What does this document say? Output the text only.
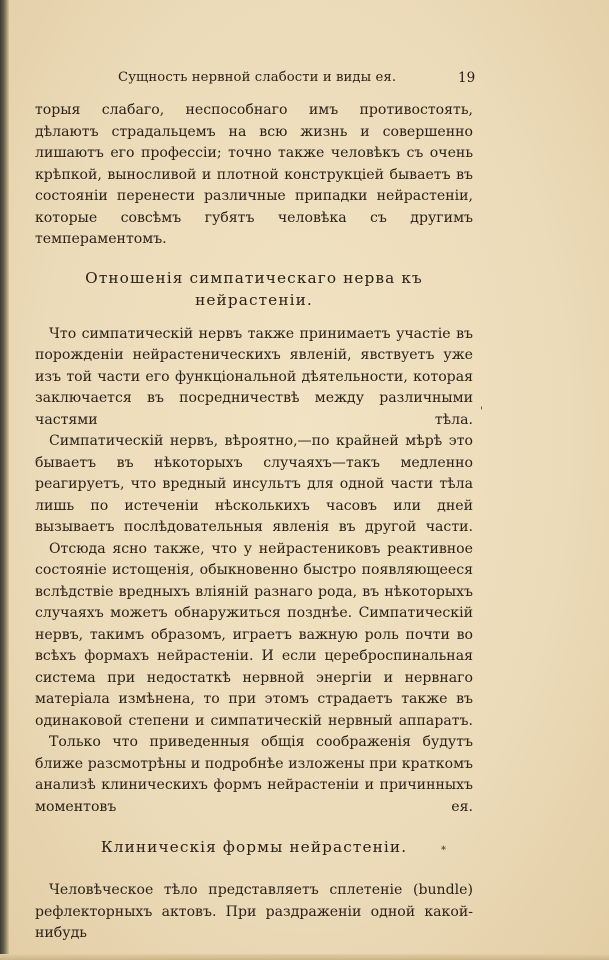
Сущность нервной слабости и виды ея.	19

торыя слабаго, неспособнаго имъ противостоять, дѣлаютъ страдальцемъ на всю жизнь и совершенно лишаютъ его профессіи; точно также человѣкъ съ очень крѣпкой, выносливой и плотной конструкціей бываетъ въ состояніи перенести различные припадки нейрастеніи, которые совсѣмъ губятъ человѣка съ другимъ темпераментомъ.

Отношенія симпатическаго нерва къ нейрастеніи.

Что симпатическій нервъ также принимаетъ участіе въ порожденіи нейрастеническихъ явленій, явствуетъ уже изъ той части его функціональной дѣятельности, которая заключается въ посредничествѣ между различными частями тѣла.

Симпатическій нервъ, вѣроятно,—по крайней мѣрѣ это бываетъ въ нѣкоторыхъ случаяхъ—такъ медленно реагируетъ, что вредный инсультъ для одной части тѣла лишь по истеченіи нѣсколькихъ часовъ или дней вызываетъ послѣдовательныя явленія въ другой части.

Отсюда ясно также, что у нейрастениковъ реактивное состояніе истощенія, обыкновенно быстро появляющееся вслѣдствіе вредныхъ вліяній разнаго рода, въ нѣкоторыхъ случаяхъ можетъ обнаружиться позднѣе. Симпатическій нервъ, такимъ образомъ, играетъ важную роль почти во всѣхъ формахъ нейрастеніи. И если цереброспинальная система при недостаткѣ нервной энергіи и нервнаго матеріала измѣнена, то при этомъ страдаетъ также въ одинаковой степени и симпатическій нервный аппаратъ.

Только что приведенныя общія соображенія будутъ ближе разсмотрѣны и подробнѣе изложены при краткомъ анализѣ клиническихъ формъ нейрастеніи и причинныхъ моментовъ ея.

Клиническія формы нейрастеніи.

Человѣческое тѣло представляетъ сплетеніе (bundle) рефлекторныхъ актовъ. При раздраженіи одной какой-нибудь

'
*
